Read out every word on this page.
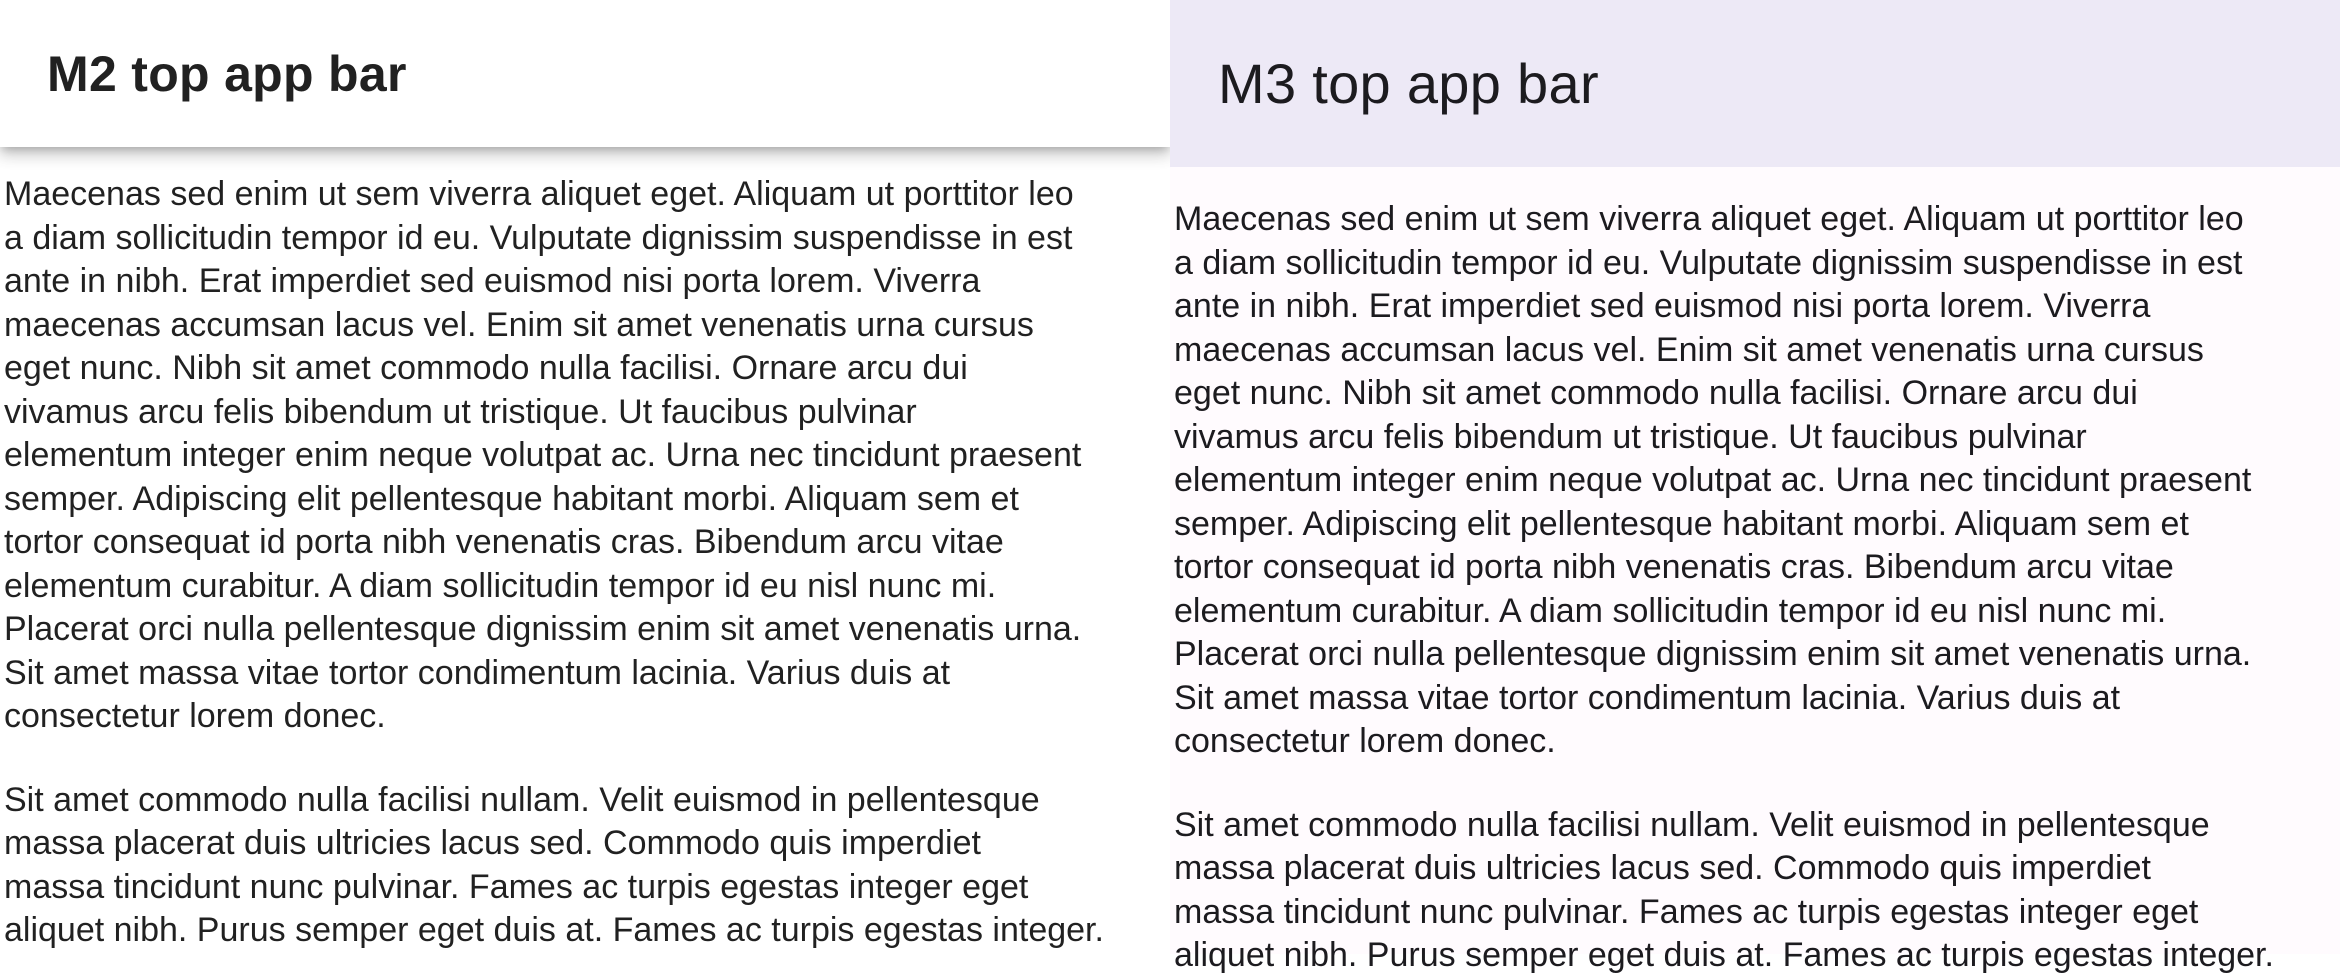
M2 top app bar
Maecenas sed enim ut sem viverra aliquet eget. Aliquam ut porttitor leo
a diam sollicitudin tempor id eu. Vulputate dignissim suspendisse in est
ante in nibh. Erat imperdiet sed euismod nisi porta lorem. Viverra
maecenas accumsan lacus vel. Enim sit amet venenatis urna cursus
eget nunc. Nibh sit amet commodo nulla facilisi. Ornare arcu dui
vivamus arcu felis bibendum ut tristique. Ut faucibus pulvinar
elementum integer enim neque volutpat ac. Urna nec tincidunt praesent
semper. Adipiscing elit pellentesque habitant morbi. Aliquam sem et
tortor consequat id porta nibh venenatis cras. Bibendum arcu vitae
elementum curabitur. A diam sollicitudin tempor id eu nisl nunc mi.
Placerat orci nulla pellentesque dignissim enim sit amet venenatis urna.
Sit amet massa vitae tortor condimentum lacinia. Varius duis at
consectetur lorem donec.
Sit amet commodo nulla facilisi nullam. Velit euismod in pellentesque
massa placerat duis ultricies lacus sed. Commodo quis imperdiet
massa tincidunt nunc pulvinar. Fames ac turpis egestas integer eget
aliquet nibh. Purus semper eget duis at. Fames ac turpis egestas integer.
M3 top app bar
Maecenas sed enim ut sem viverra aliquet eget. Aliquam ut porttitor leo
a diam sollicitudin tempor id eu. Vulputate dignissim suspendisse in est
ante in nibh. Erat imperdiet sed euismod nisi porta lorem. Viverra
maecenas accumsan lacus vel. Enim sit amet venenatis urna cursus
eget nunc. Nibh sit amet commodo nulla facilisi. Ornare arcu dui
vivamus arcu felis bibendum ut tristique. Ut faucibus pulvinar
elementum integer enim neque volutpat ac. Urna nec tincidunt praesent
semper. Adipiscing elit pellentesque habitant morbi. Aliquam sem et
tortor consequat id porta nibh venenatis cras. Bibendum arcu vitae
elementum curabitur. A diam sollicitudin tempor id eu nisl nunc mi.
Placerat orci nulla pellentesque dignissim enim sit amet venenatis urna.
Sit amet massa vitae tortor condimentum lacinia. Varius duis at
consectetur lorem donec.
Sit amet commodo nulla facilisi nullam. Velit euismod in pellentesque
massa placerat duis ultricies lacus sed. Commodo quis imperdiet
massa tincidunt nunc pulvinar. Fames ac turpis egestas integer eget
aliquet nibh. Purus semper eget duis at. Fames ac turpis egestas integer.
